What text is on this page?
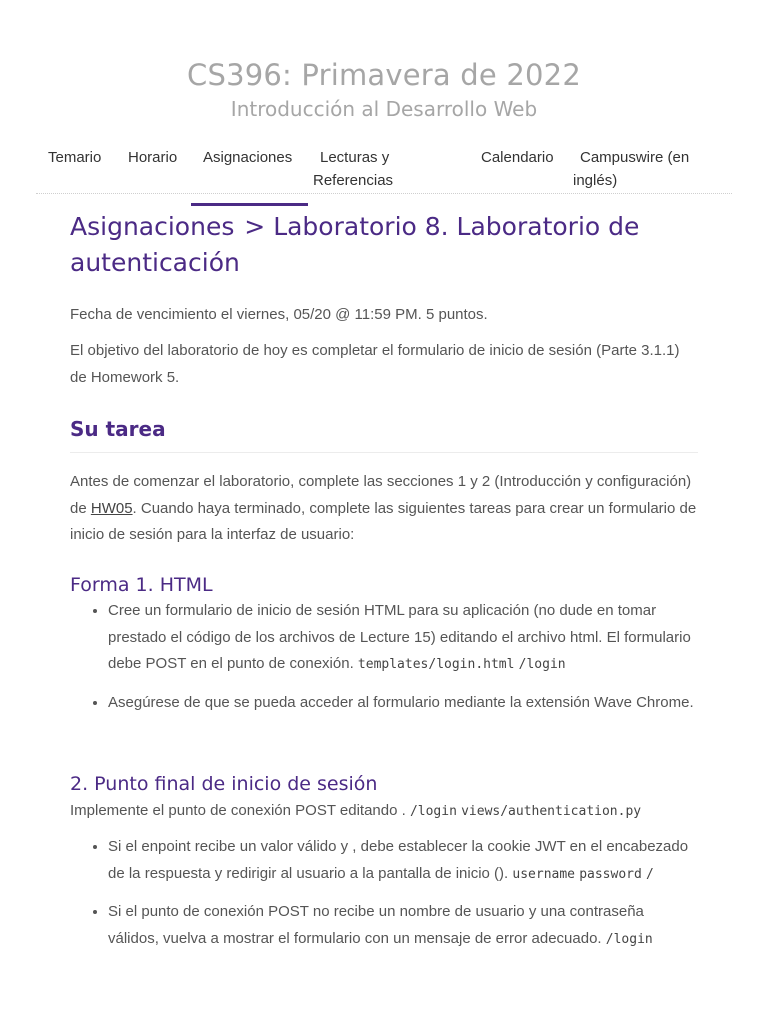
CS396: Primavera de 2022
Introducción al Desarrollo Web
Temario Horario Asignaciones	Lecturas y
Referencias
Calendario	Campuswire (en
inglés)
Asignaciones > Laboratorio 8. Laboratorio de autenticación

Fecha de vencimiento el viernes, 05/20 @ 11:59 PM. 5 puntos.

El objetivo del laboratorio de hoy es completar el formulario de inicio de sesión (Parte 3.1.1) de Homework 5.

Su tarea

Antes de comenzar el laboratorio, complete las secciones 1 y 2 (Introducción y configuración) de HW05. Cuando haya terminado, complete las siguientes tareas para crear un formulario de inicio de sesión para la interfaz de usuario:

Forma 1. HTML
• Cree un formulario de inicio de sesión HTML para su aplicación (no dude en tomar prestado el código de los archivos de Lecture 15) editando el archivo html. El formulario debe POST en el punto de conexión. templates/login.html /login
• Asegúrese de que se pueda acceder al formulario mediante la extensión Wave Chrome.
2. Punto final de inicio de sesión

Implemente el punto de conexión POST editando . /login views/authentication.py

• Si el enpoint recibe un valor válido y , debe establecer la cookie JWT en el encabezado de la respuesta y redirigir al usuario a la pantalla de inicio (). username password /
• Si el punto de conexión POST no recibe un nombre de usuario y una contraseña válidos, vuelva a mostrar el formulario con un mensaje de error adecuado. /login
